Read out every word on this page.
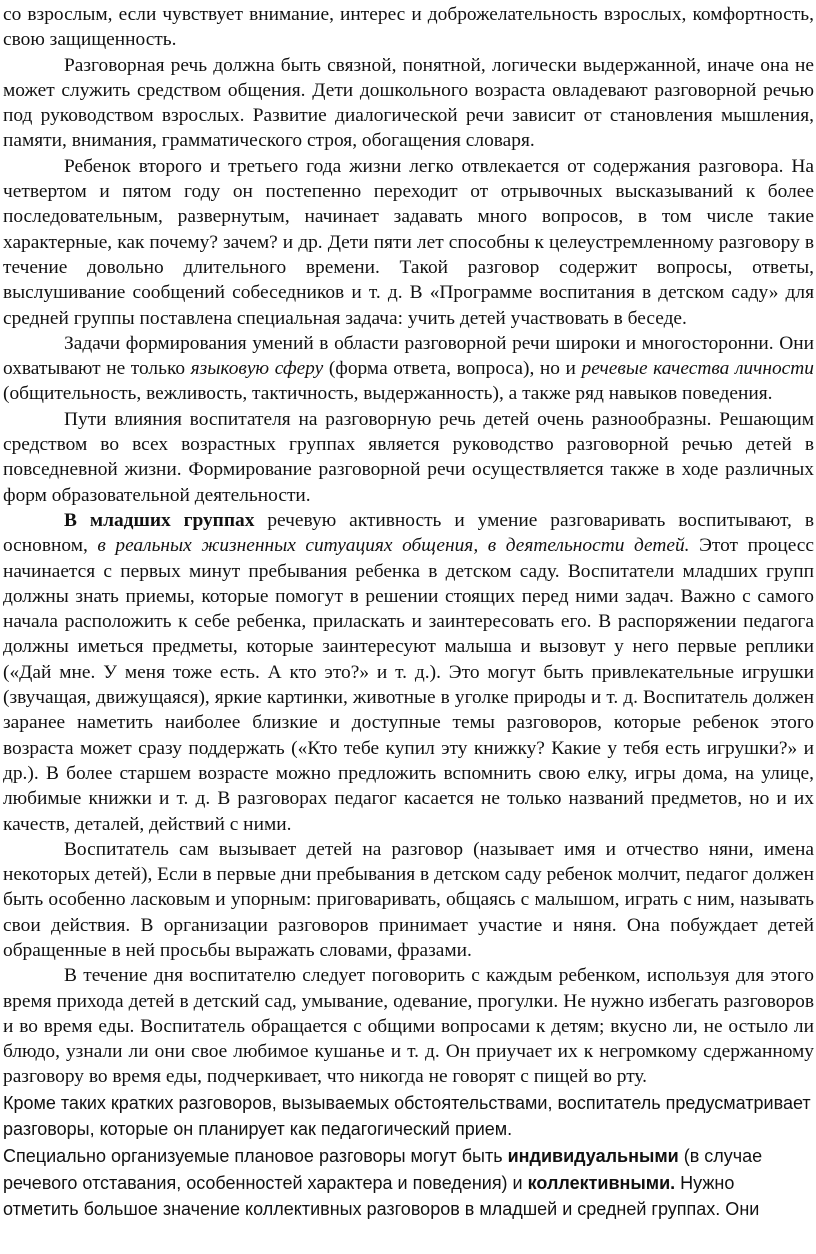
со взрослым, если чувствует внимание, интерес и доброжелательность взрослых, комфортность, свою защищенность.

Разговорная речь должна быть связной, понятной, логически выдержанной, иначе она не может служить средством общения. Дети дошкольного возраста овладевают разговорной речью под руководством взрослых. Развитие диалогической речи зависит от становления мышления, памяти, внимания, грамматического строя, обогащения словаря.

Ребенок второго и третьего года жизни легко отвлекается от содержания разговора. На четвертом и пятом году он постепенно переходит от отрывочных высказываний к более последовательным, развернутым, начинает задавать много вопросов, в том числе такие характерные, как почему? зачем? и др. Дети пяти лет способны к целеустремленному разговору в течение довольно длительного времени. Такой разговор содержит вопросы, ответы, выслушивание сообщений собеседников и т. д. В «Программе воспитания в детском саду» для средней группы поставлена специальная задача: учить детей участвовать в беседе.

Задачи формирования умений в области разговорной речи широки и многосторонни. Они охватывают не только языковую сферу (форма ответа, вопроса), но и речевые качества личности (общительность, вежливость, тактичность, выдержанность), а также ряд навыков поведения.

Пути влияния воспитателя на разговорную речь детей очень разнообразны. Решающим средством во всех возрастных группах является руководство разговорной речью детей в повседневной жизни. Формирование разговорной речи осуществляется также в ходе различных форм образовательной деятельности.

В младших группах речевую активность и умение разговаривать воспитывают, в основном, в реальных жизненных ситуациях общения, в деятельности детей. Этот процесс начинается с первых минут пребывания ребенка в детском саду. Воспитатели младших групп должны знать приемы, которые помогут в решении стоящих перед ними задач. Важно с самого начала расположить к себе ребенка, приласкать и заинтересовать его. В распоряжении педагога должны иметься предметы, которые заинтересуют малыша и вызовут у него первые реплики («Дай мне. У меня тоже есть. А кто это?» и т. д.). Это могут быть привлекательные игрушки (звучащая, движущаяся), яркие картинки, животные в уголке природы и т. д. Воспитатель должен заранее наметить наиболее близкие и доступные темы разговоров, которые ребенок этого возраста может сразу поддержать («Кто тебе купил эту книжку? Какие у тебя есть игрушки?» и др.). В более старшем возрасте можно предложить вспомнить свою елку, игры дома, на улице, любимые книжки и т. д. В разговорах педагог касается не только названий предметов, но и их качеств, деталей, действий с ними.

Воспитатель сам вызывает детей на разговор (называет имя и отчество няни, имена некоторых детей), Если в первые дни пребывания в детском саду ребенок молчит, педагог должен быть особенно ласковым и упорным: приговаривать, общаясь с малышом, играть с ним, называть свои действия. В организации разговоров принимает участие и няня. Она побуждает детей обращенные в ней просьбы выражать словами, фразами.

В течение дня воспитателю следует поговорить с каждым ребенком, используя для этого время прихода детей в детский сад, умывание, одевание, прогулки. Не нужно избегать разговоров и во время еды. Воспитатель обращается с общими вопросами к детям; вкусно ли, не остыло ли блюдо, узнали ли они свое любимое кушанье и т. д. Он приучает их к негромкому сдержанному разговору во время еды, подчеркивает, что никогда не говорят с пищей во рту.

Кроме таких кратких разговоров, вызываемых обстоятельствами, воспитатель предусматривает разговоры, которые он планирует как педагогический прием.

Специально организуемые плановое разговоры могут быть индивидуальными (в случае речевого отставания, особенностей характера и поведения) и коллективными. Нужно отметить большое значение коллективных разговоров в младшей и средней группах. Они
